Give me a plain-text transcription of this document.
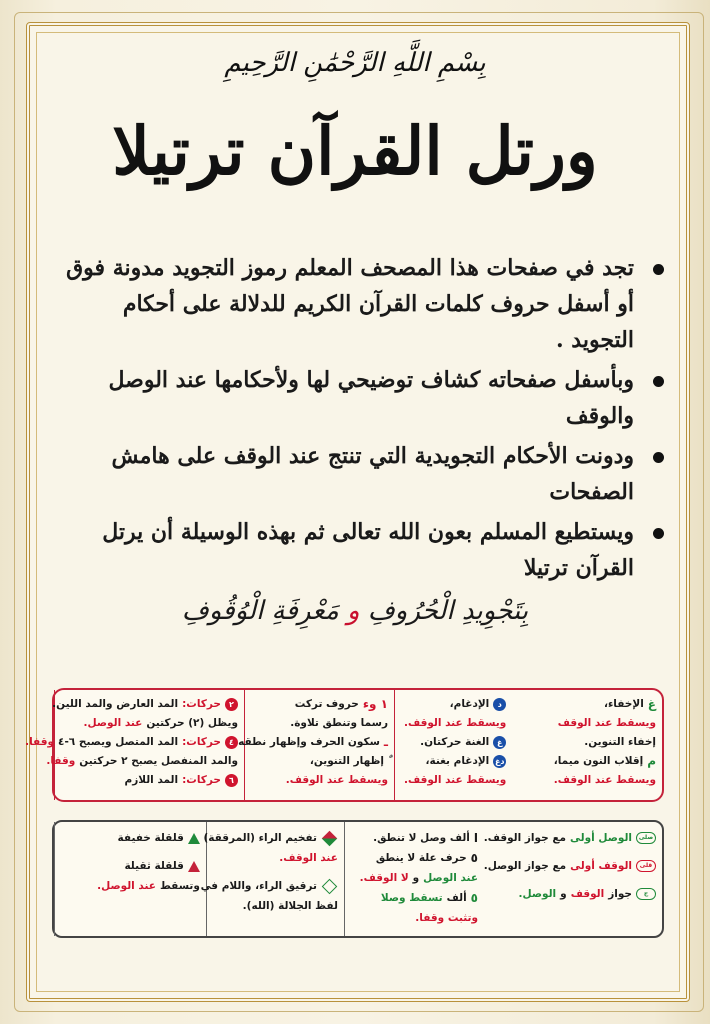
بِسْمِ اللَّهِ الرَّحْمَٰنِ الرَّحِيمِ
ورتل القرآن ترتيلا
تجد في صفحات هذا المصحف المعلم رموز التجويد مدونة فوق أو أسفل حروف كلمات القرآن الكريم للدلالة على أحكام التجويد .
وبأسفل صفحاته كشاف توضيحي لها ولأحكامها عند الوصل والوقف
ودونت الأحكام التجويدية التي تنتج عند الوقف على هامش الصفحات
ويستطيع المسلم بعون الله تعالى ثم بهذه الوسيلة أن يرتل القرآن ترتيلا
بِتَجْوِيدِ الْحُرُوفِ و مَعْرِفَةِ الْوُقُوفِ
٢
حركات:
المد العارض والمد اللين.
ويظل (٢) حركتين
عند الوصل.
٤
حركات:
المد المتصل ويصبح ٦-٤
وقفا.
والمد المنفصل يصبح ٢ حركتين
وقفا.
٦
حركات:
المد اللازم
١ وء
حروف تركت
رسما وتنطق تلاوة.
ـ
سكون الحرف وإظهار نطقه
إظهار التنوين،
ويسقط عند الوقف.
د
الإدغام،
ويسقط عند الوقف.
غ
الغنة حركتان.
دغ
الإدغام بغنة،
ويسقط عند الوقف.
غ
الإخفاء،
ويسقط عند الوقف
إخفاء التنوين.
م
إقلاب النون ميما،
ويسقط عند الوقف.
قلقلة خفيفة
قلقلة ثقيلة
وتسقط
عند الوصل.
تفخيم الراء (المرققة)
عند الوقف.
ترقيق الراء، واللام في
لفظ الجلالة (الله).
ا
ألف وصل لا تنطق.
٥
حرف علة لا ينطق
عند الوصل
و
لا الوقف.
٥
ألف
تسقط وصلا
وتثبت وقفا.
صلى
الوصل أولى
مع جواز الوقف.
قلى
الوقف أولى
مع جواز الوصل.
ج
جواز
الوقف
و
الوصل.
